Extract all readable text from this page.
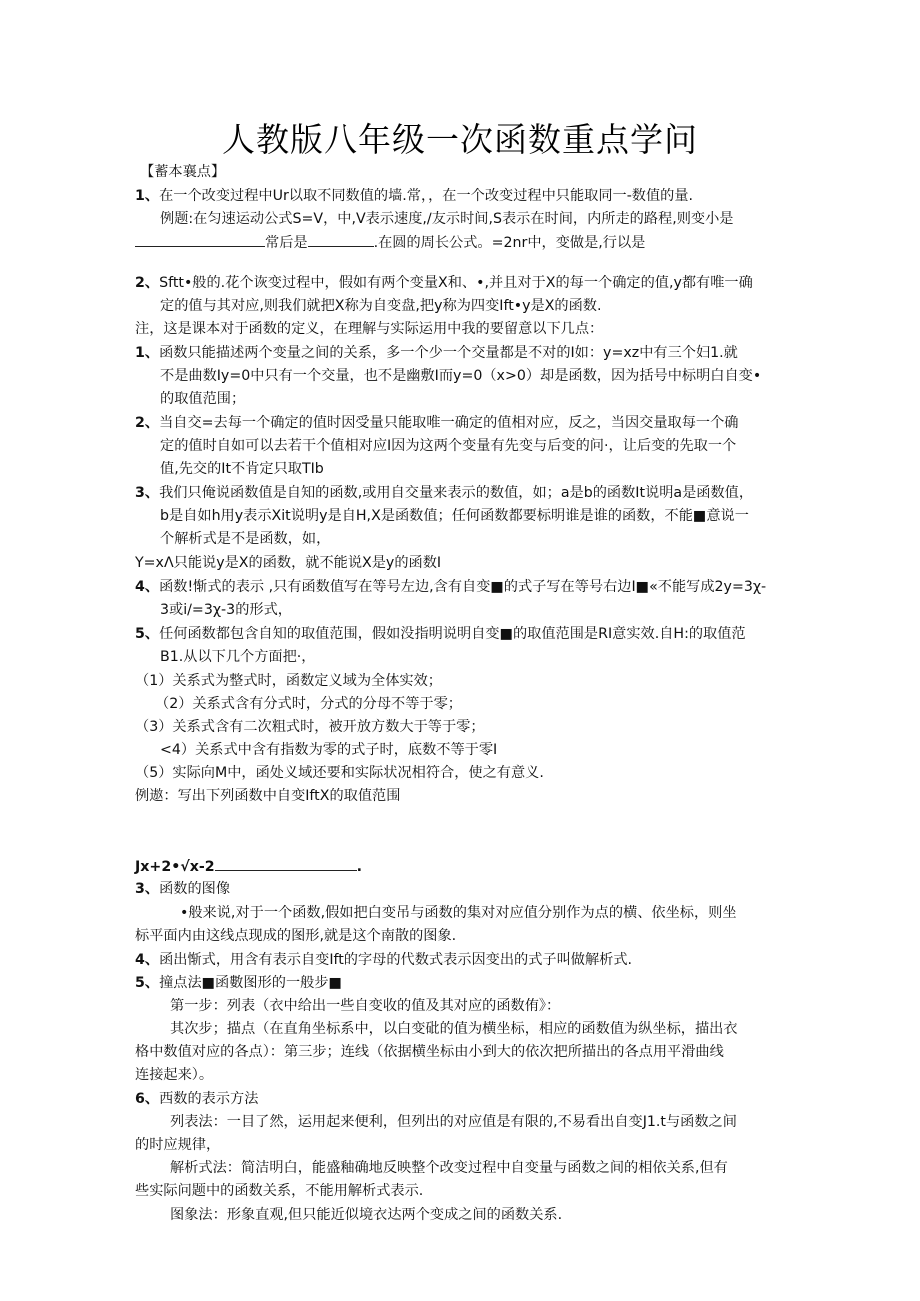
人教版八年级一次函数重点学问
【蓄本襄点】
1、在一个改变过程中Ur以取不同数值的墙.常，，在一个改变过程中只能取同一-数值的量.
例题:在匀速运动公式S=V，中,V表示速度,∕友示时间,S表示在时间，内所走的路程,则变小是
常后是	.在圆的周长公式。=2nr中，变做是,行以是
2、Sftt•般的.花个诙变过程中，假如有两个变量X和、•,并且对于X的每一个确定的值,y都有唯一确
定的值与其对应,则我们就把X称为自变盘,把y称为四变Ift•y是X的函数.
注，这是课本对于函数的定义，在理解与实际运用中我的要留意以下几点：
1、函数只能描述两个变量之间的关系，多一个少一个交量都是不对的I如：y=xz中有三个妇1.就
不是曲数Iy=0中只有一个交量，也不是幽敷I而y=0（x>0）却是函数，因为括号中标明白自变•
的取值范围；
2、当自交=去每一个确定的值时因受量只能取唯一确定的值相对应，反之，当因交量取每一个确
定的值时自如可以去若干个值相对应I因为这两个变量有先变与后变的问·，让后变的先取一个
值,先交的It不肯定只取TIb
3、我们只俺说函数值是自知的函数,或用自交量来表示的数值，如；a是b的函数It说明a是函数值，
b是自如h用y表示Xit说明y是自H,X是函数值；任何函数都要标明谁是谁的函数，不能■意说一
个解析式是不是函数，如，
Y=xΛ只能说y是X的函数，就不能说X是y的函数I
4、函数!惭式的表示 ,只有函数值写在等号左边,含有自变■的式子写在等号右边I■«不能写成2y=3χ-
3或i∕=3χ-3的形式，
5、任何函数都包含自知的取值范围，假如没指明说明自变■的取值范围是RI意实效.自H:的取值范
B1.从以下几个方面把·，
（1）关系式为整式时，函数定义域为全体实效；
（2）关系式含有分式时，分式的分母不等于零；
（3）关系式含有二次粗式时，被开放方数大于等于零；
<4）关系式中含有指数为零的式子时，底数不等于零I
（5）实际向M中，函处义域还要和实际状况相符合，使之有意义.
例遨：写出下列函数中自变IftX的取值范围
Jx+2•√x-2	.
3、函数的图像
•般来说,对于一个函数,假如把白变吊与函数的集对对应值分别作为点的横、依坐标，则坐
标平面内由这线点现成的图形,就是这个南散的图象.
4、函出惭式，用含有表示自变Ift的字母的代数式表示因变出的式子叫做解析式.
5、撞点法■函數图形的一般步■
第一步：列表（衣中给出一些自变收的值及其对应的函数侑》：
其次步；描点（在直角坐标系中，以白变砒的值为横坐标，相应的函数值为纵坐标，描出衣
格中数值对应的各点）：第三步；连线（依据横坐标由小到大的依次把所描出的各点用平滑曲线
连接起来）。
6、西数的表示方法
列表法：一目了然，运用起来便利，但列出的对应值是有限的,不易看出自变J1.t与函数之间
的时应规律，
解析式法：简洁明白，能盛釉确地反映整个改变过程中自变量与函数之间的相依关系,但有
些实际问题中的函数关系，不能用解析式表示.
图象法：形象直观,但只能近似境衣达两个变成之间的函数关系.
